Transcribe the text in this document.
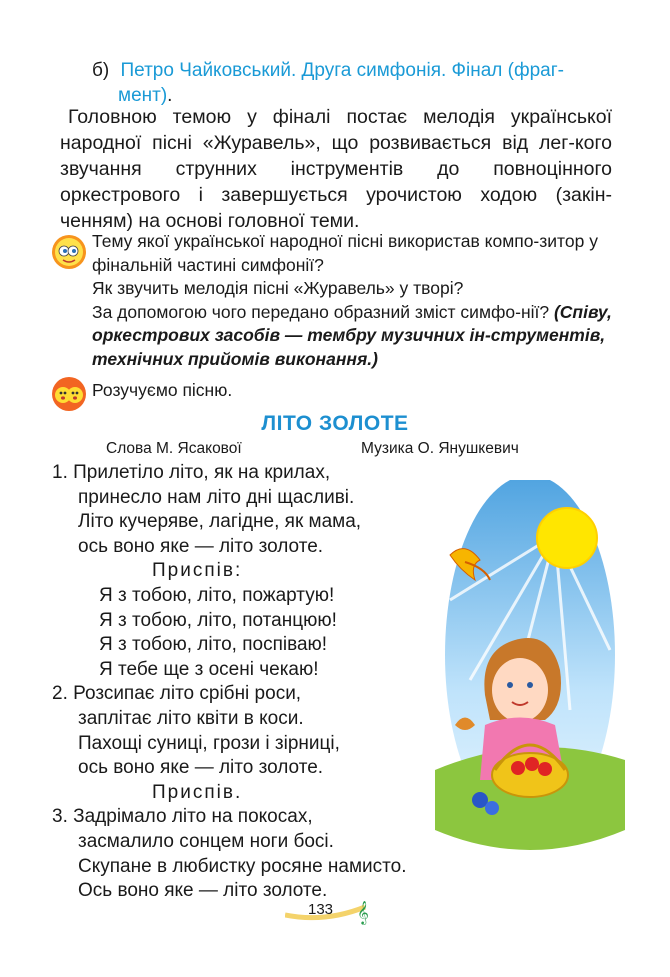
б) Петро Чайковський. Друга симфонія. Фінал (фраг-
мент).

Головною темою у фіналі постає мелодія української народної пісні «Журавель», що розвивається від лег-кого звучання струнних інструментів до повноцінного оркестрового і завершується урочистою ходою (закін-ченням) на основі головної теми.

Тему якої української народної пісні використав компо-зитор у фінальній частині симфонії?
Як звучить мелодія пісні «Журавель» у творі?
За допомогою чого передано образний зміст симфо-нії? (Співу, оркестрових засобів — тембру музичних ін-струментів, технічних прийомів виконання.)
Розучуємо пісню.
ЛІТО ЗОЛОТЕ
Слова М. Ясакової	Музика О. Янушкевич
1. Прилетіло літо, як на крилах,
принесло нам літо дні щасливі.
Літо кучеряве, лагідне, як мама,
ось воно яке — літо золоте.
Приспів:
Я з тобою, літо, пожартую!
Я з тобою, літо, потанцюю!
Я з тобою, літо, поспіваю!
Я тебе ще з осені чекаю!
2. Розсипає літо срібні роси,
заплітає літо квіти в коси.
Пахощі суниці, грози і зірниці,
ось воно яке — літо золоте.
Приспів.
3. Задрімало літо на покосах,
засмалило сонцем ноги босі.
Скупане в любистку росяне намисто.
Ось воно яке — літо золоте.
𝄞
133
